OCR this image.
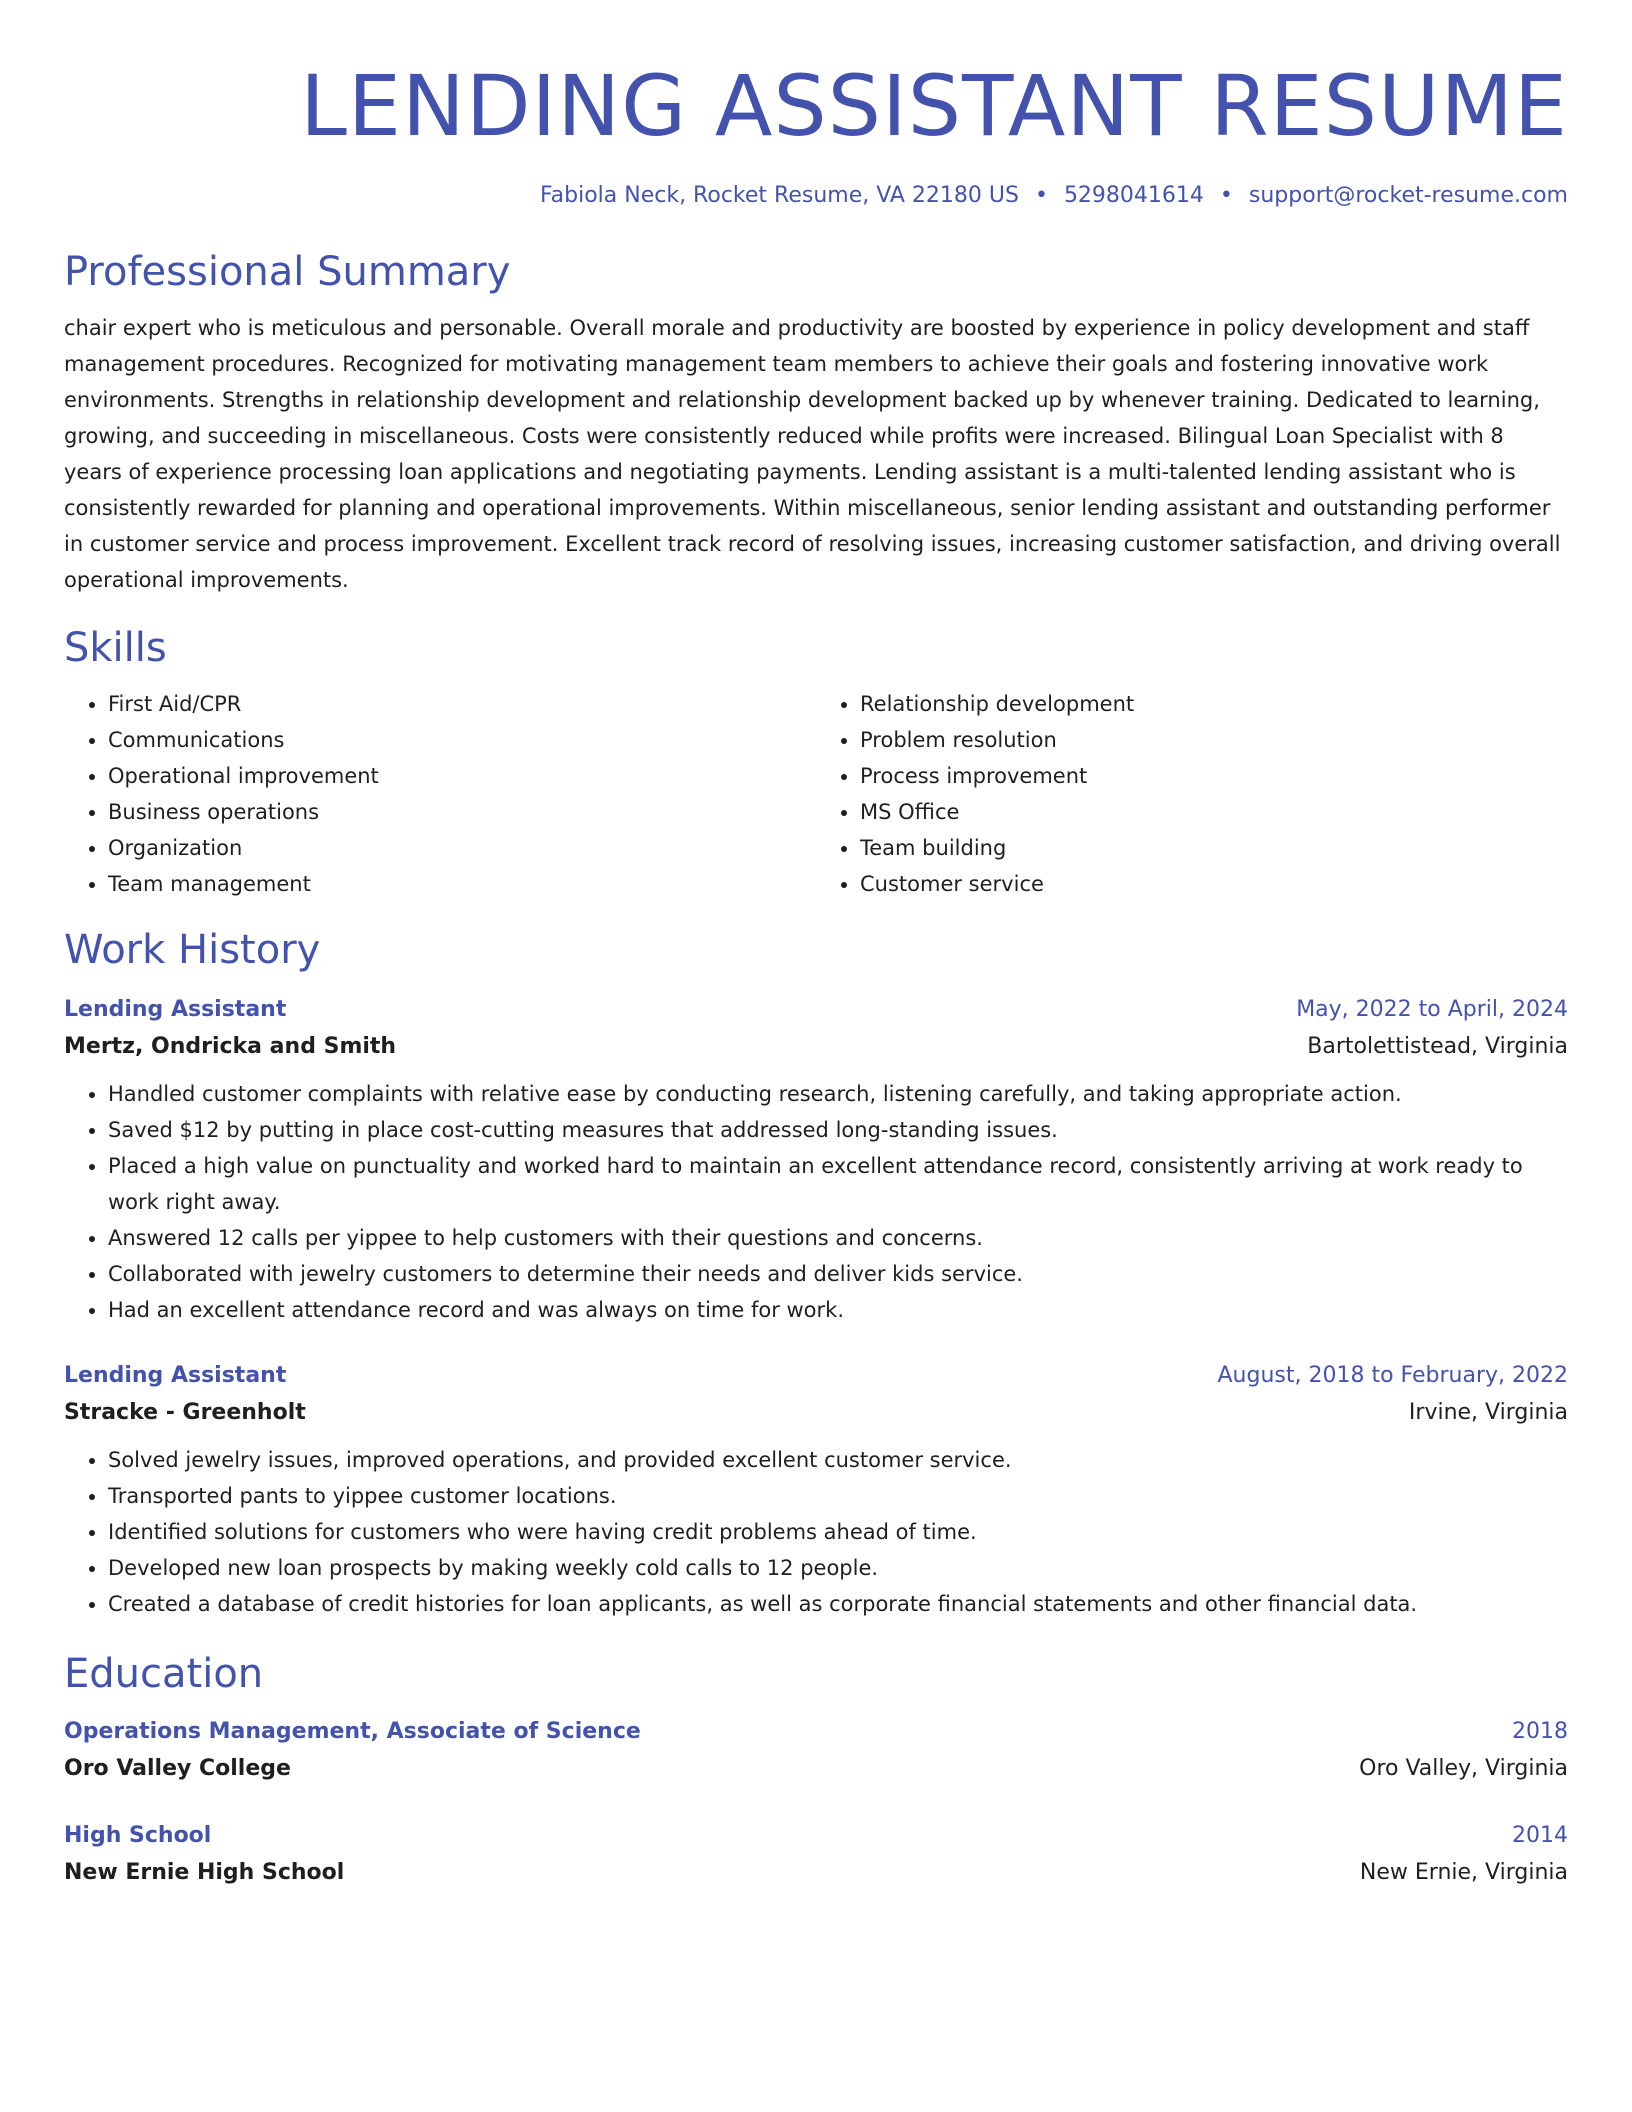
LENDING ASSISTANT RESUME
Fabiola Neck, Rocket Resume, VA 22180 US • 5298041614 • support@rocket-resume.com
Professional Summary
chair expert who is meticulous and personable. Overall morale and productivity are boosted by experience in policy development and staff management procedures. Recognized for motivating management team members to achieve their goals and fostering innovative work environments. Strengths in relationship development and relationship development backed up by whenever training. Dedicated to learning, growing, and succeeding in miscellaneous. Costs were consistently reduced while profits were increased. Bilingual Loan Specialist with 8 years of experience processing loan applications and negotiating payments. Lending assistant is a multi-talented lending assistant who is consistently rewarded for planning and operational improvements. Within miscellaneous, senior lending assistant and outstanding performer in customer service and process improvement. Excellent track record of resolving issues, increasing customer satisfaction, and driving overall operational improvements.
Skills
• First Aid/CPR
• Communications
• Operational improvement
• Business operations
• Organization
• Team management
• Relationship development
• Problem resolution
• Process improvement
• MS Office
• Team building
• Customer service
Work History
Lending Assistant	May, 2022 to April, 2024
Mertz, Ondricka and Smith	Bartolettistead, Virginia
• Handled customer complaints with relative ease by conducting research, listening carefully, and taking appropriate action.
• Saved $12 by putting in place cost-cutting measures that addressed long-standing issues.
• Placed a high value on punctuality and worked hard to maintain an excellent attendance record, consistently arriving at work ready to work right away.
• Answered 12 calls per yippee to help customers with their questions and concerns.
• Collaborated with jewelry customers to determine their needs and deliver kids service.
• Had an excellent attendance record and was always on time for work.
Lending Assistant	August, 2018 to February, 2022
Stracke - Greenholt	Irvine, Virginia
• Solved jewelry issues, improved operations, and provided excellent customer service.
• Transported pants to yippee customer locations.
• Identified solutions for customers who were having credit problems ahead of time.
• Developed new loan prospects by making weekly cold calls to 12 people.
• Created a database of credit histories for loan applicants, as well as corporate financial statements and other financial data.
Education
Operations Management, Associate of Science	2018
Oro Valley College	Oro Valley, Virginia
High School	2014
New Ernie High School	New Ernie, Virginia
